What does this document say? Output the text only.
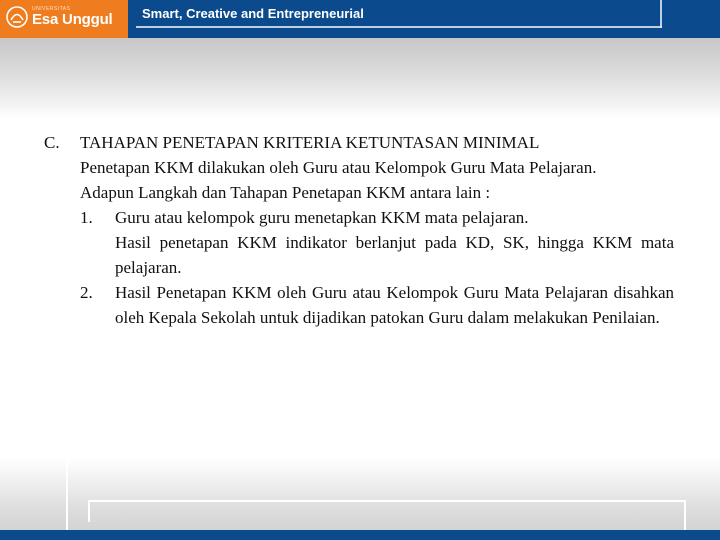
UNIVERSITAS
Esa Unggul Smart, Creative and Entrepreneurial
C. TAHAPAN PENETAPAN KRITERIA KETUNTASAN MINIMAL
Penetapan KKM dilakukan oleh Guru atau Kelompok Guru Mata Pelajaran.
Adapun Langkah dan Tahapan Penetapan KKM antara lain :
1. Guru atau kelompok guru menetapkan KKM mata pelajaran.
Hasil penetapan KKM indikator berlanjut pada KD, SK, hingga KKM mata pelajaran.
2. Hasil Penetapan KKM oleh Guru atau Kelompok Guru Mata Pelajaran disahkan oleh Kepala Sekolah untuk dijadikan patokan Guru dalam melakukan Penilaian.
